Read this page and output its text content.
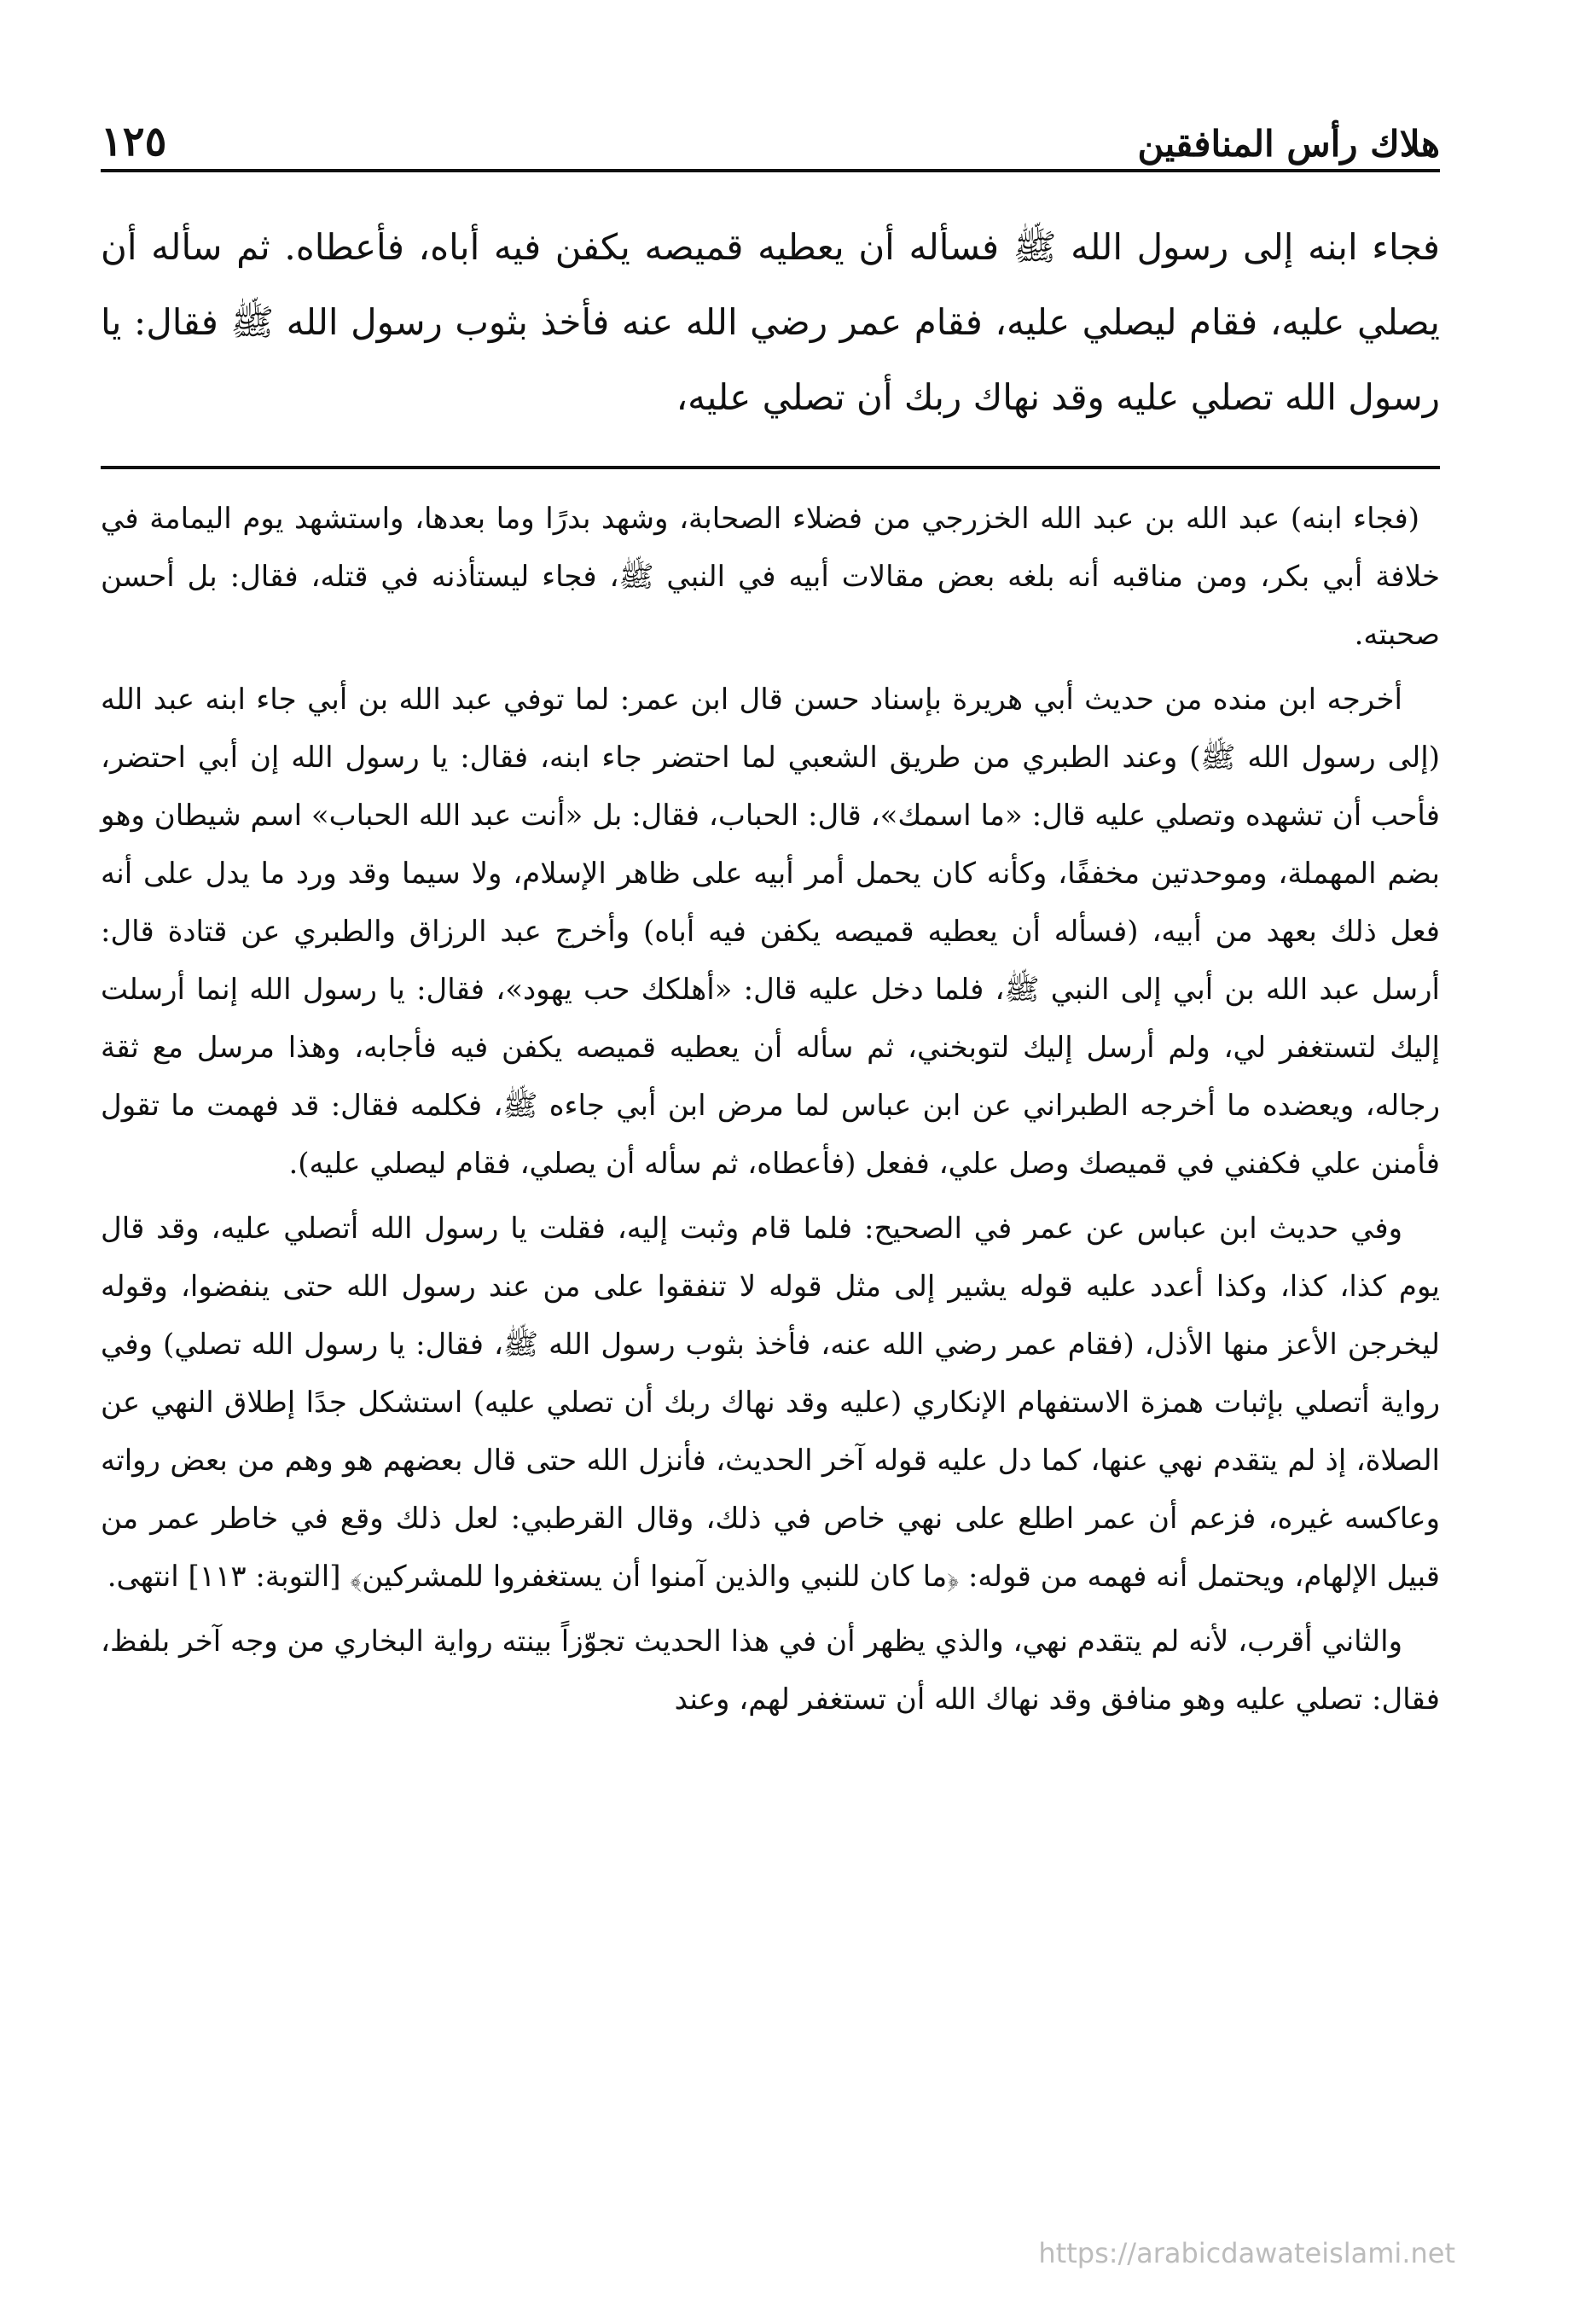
هلاك رأس المنافقين
١٢٥

فجاء ابنه إلى رسول الله ﷺ فسأله أن يعطيه قميصه يكفن فيه أباه، فأعطاه. ثم سأله أن يصلي عليه، فقام ليصلي عليه، فقام عمر رضي الله عنه فأخذ بثوب رسول الله ﷺ فقال: يا رسول الله تصلي عليه وقد نهاك ربك أن تصلي عليه،

(فجاء ابنه) عبد الله بن عبد الله الخزرجي من فضلاء الصحابة، وشهد بدرًا وما بعدها، واستشهد يوم اليمامة في خلافة أبي بكر، ومن مناقبه أنه بلغه بعض مقالات أبيه في النبي ﷺ، فجاء ليستأذنه في قتله، فقال: بل أحسن صحبته.

أخرجه ابن منده من حديث أبي هريرة بإسناد حسن قال ابن عمر: لما توفي عبد الله بن أبي جاء ابنه عبد الله (إلى رسول الله ﷺ) وعند الطبري من طريق الشعبي لما احتضر جاء ابنه، فقال: يا رسول الله إن أبي احتضر، فأحب أن تشهده وتصلي عليه قال: «ما اسمك»، قال: الحباب، فقال: بل «أنت عبد الله الحباب» اسم شيطان وهو بضم المهملة، وموحدتين مخففًا، وكأنه كان يحمل أمر أبيه على ظاهر الإسلام، ولا سيما وقد ورد ما يدل على أنه فعل ذلك بعهد من أبيه، (فسأله أن يعطيه قميصه يكفن فيه أباه) وأخرج عبد الرزاق والطبري عن قتادة قال: أرسل عبد الله بن أبي إلى النبي ﷺ، فلما دخل عليه قال: «أهلكك حب يهود»، فقال: يا رسول الله إنما أرسلت إليك لتستغفر لي، ولم أرسل إليك لتوبخني، ثم سأله أن يعطيه قميصه يكفن فيه فأجابه، وهذا مرسل مع ثقة رجاله، ويعضده ما أخرجه الطبراني عن ابن عباس لما مرض ابن أبي جاءه ﷺ، فكلمه فقال: قد فهمت ما تقول فأمنن علي فكفني في قميصك وصل علي، ففعل (فأعطاه، ثم سأله أن يصلي، فقام ليصلي عليه).

وفي حديث ابن عباس عن عمر في الصحيح: فلما قام وثبت إليه، فقلت يا رسول الله أتصلي عليه، وقد قال يوم كذا، كذا، وكذا أعدد عليه قوله يشير إلى مثل قوله لا تنفقوا على من عند رسول الله حتى ينفضوا، وقوله ليخرجن الأعز منها الأذل، (فقام عمر رضي الله عنه، فأخذ بثوب رسول الله ﷺ، فقال: يا رسول الله تصلي) وفي رواية أتصلي بإثبات همزة الاستفهام الإنكاري (عليه وقد نهاك ربك أن تصلي عليه) استشكل جدًا إطلاق النهي عن الصلاة، إذ لم يتقدم نهي عنها، كما دل عليه قوله آخر الحديث، فأنزل الله حتى قال بعضهم هو وهم من بعض رواته وعاكسه غيره، فزعم أن عمر اطلع على نهي خاص في ذلك، وقال القرطبي: لعل ذلك وقع في خاطر عمر من قبيل الإلهام، ويحتمل أنه فهمه من قوله: ﴿ما كان للنبي والذين آمنوا أن يستغفروا للمشركين﴾ [التوبة: ١١٣] انتهى.

والثاني أقرب، لأنه لم يتقدم نهي، والذي يظهر أن في هذا الحديث تجوّزاً بينته رواية البخاري من وجه آخر بلفظ، فقال: تصلي عليه وهو منافق وقد نهاك الله أن تستغفر لهم، وعند

https://arabicdawateislami.net
